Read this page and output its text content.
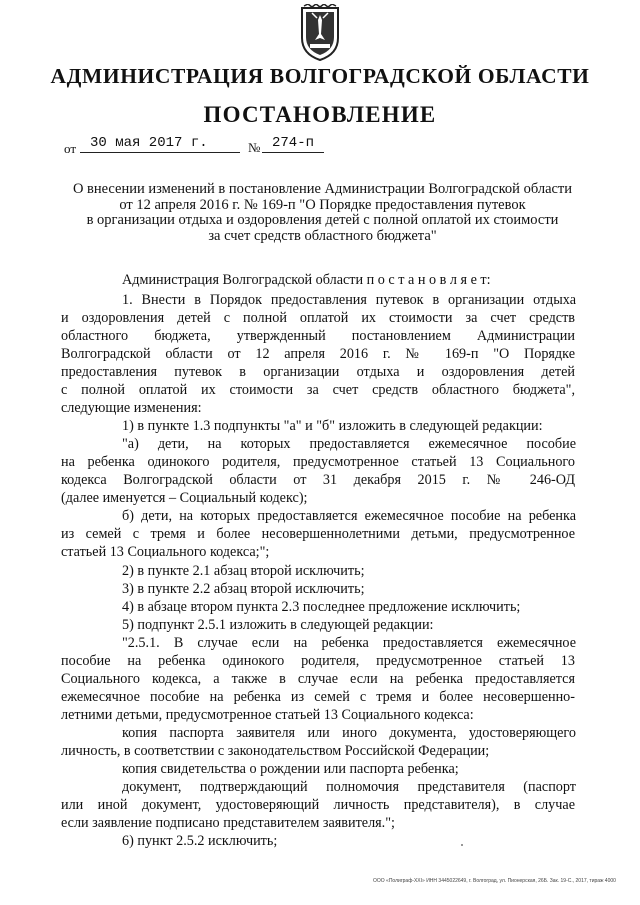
АДМИНИСТРАЦИЯ ВОЛГОГРАДСКОЙ ОБЛАСТИ
ПОСТАНОВЛЕНИЕ
от 30 мая 2017 г.	№ 274-п
О внесении изменений в постановление Администрации Волгоградской области
от 12 апреля 2016 г. № 169-п "О Порядке предоставления путевок
в организации отдыха и оздоровления детей с полной оплатой их стоимости
за счет средств областного бюджета"
Администрация Волгоградской области п о с т а н о в л я е т:
1. Внести в Порядок предоставления путевок в организации отдыха
и оздоровления детей с полной оплатой их стоимости за счет средств
областного бюджета, утвержденный постановлением Администрации
Волгоградской области от 12 апреля 2016 г. № 169-п "О Порядке
предоставления путевок в организации отдыха и оздоровления детей
с полной оплатой их стоимости за счет средств областного бюджета",
следующие изменения:
1) в пункте 1.3 подпункты "а" и "б" изложить в следующей редакции:
"а) дети, на которых предоставляется ежемесячное пособие
на ребенка одинокого родителя, предусмотренное статьей 13 Социального
кодекса Волгоградской области от 31 декабря 2015 г. № 246-ОД
(далее именуется – Социальный кодекс);
б) дети, на которых предоставляется ежемесячное пособие на ребенка
из семей с тремя и более несовершеннолетними детьми, предусмотренное
статьей 13 Социального кодекса;";
2) в пункте 2.1 абзац второй исключить;
3) в пункте 2.2 абзац второй исключить;
4) в абзаце втором пункта 2.3 последнее предложение исключить;
5) подпункт 2.5.1 изложить в следующей редакции:
"2.5.1. В случае если на ребенка предоставляется ежемесячное
пособие на ребенка одинокого родителя, предусмотренное статьей 13
Социального кодекса, а также в случае если на ребенка предоставляется
ежемесячное пособие на ребенка из семей с тремя и более несовершенно-
летними детьми, предусмотренное статьей 13 Социального кодекса:
копия паспорта заявителя или иного документа, удостоверяющего
личность, в соответствии с законодательством Российской Федерации;
копия свидетельства о рождении или паспорта ребенка;
документ, подтверждающий полномочия представителя (паспорт
или иной документ, удостоверяющий личность представителя), в случае
если заявление подписано представителем заявителя.";
6) пункт 2.5.2 исключить;
ООО «Полиграф-XXI» ИНН 3445022649, г. Волгоград, ул. Пионерская, 26Б. Зак. 19-С., 2017, тираж 4000
